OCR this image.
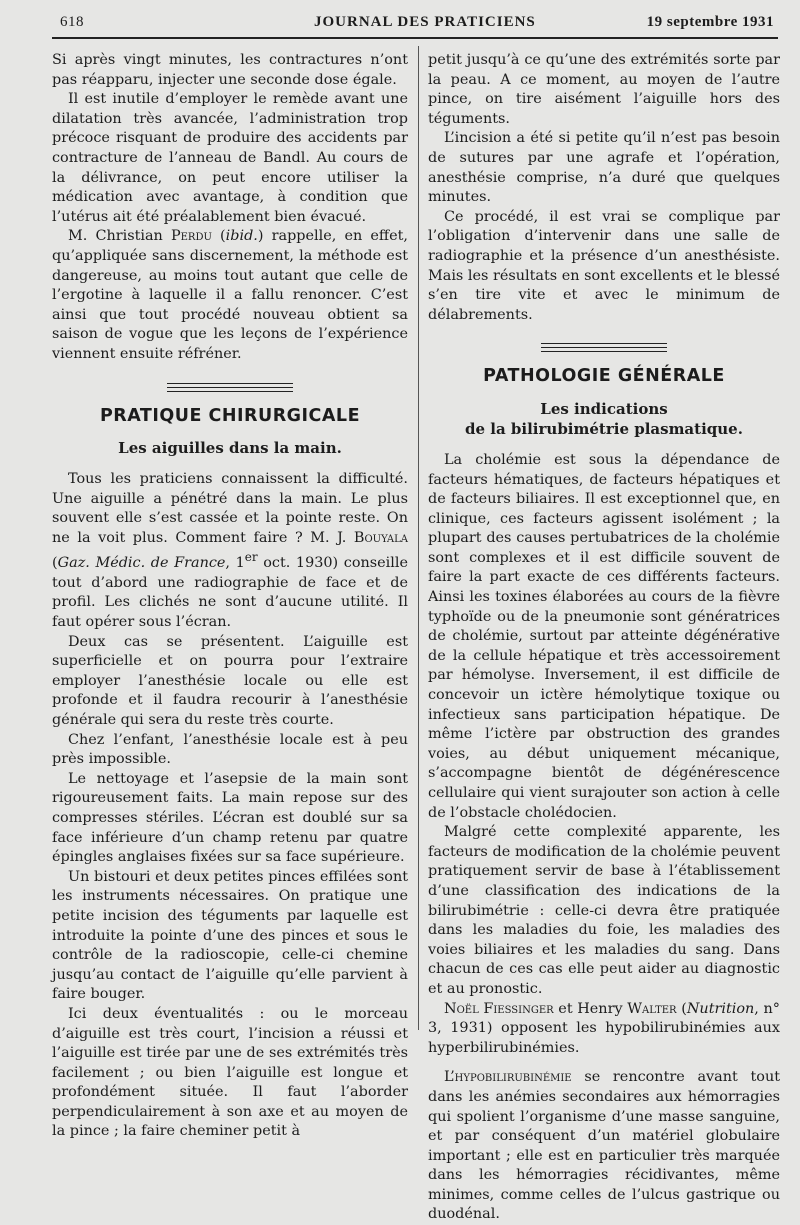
618	JOURNAL DES PRATICIENS	19 septembre 1931

Si après vingt minutes, les contractures n’ont pas réapparu, injecter une seconde dose égale.

Il est inutile d’employer le remède avant une dilatation très avancée, l’administration trop précoce risquant de produire des accidents par contracture de l’anneau de Bandl. Au cours de la délivrance, on peut encore utiliser la médication avec avantage, à condition que l’utérus ait été préalablement bien évacué.

M. Christian Perdu (ibid.) rappelle, en effet, qu’appliquée sans discernement, la méthode est dangereuse, au moins tout autant que celle de l’ergotine à laquelle il a fallu renoncer. C’est ainsi que tout procédé nouveau obtient sa saison de vogue que les leçons de l’expérience viennent ensuite réfréner.

PRATIQUE CHIRURGICALE

Les aiguilles dans la main.

Tous les praticiens connaissent la difficulté. Une aiguille a pénétré dans la main. Le plus souvent elle s’est cassée et la pointe reste. On ne la voit plus. Comment faire ? M. J. Bouyala (Gaz. Médic. de France, 1er oct. 1930) conseille tout d’abord une radiographie de face et de profil. Les clichés ne sont d’aucune utilité. Il faut opérer sous l’écran.

Deux cas se présentent. L’aiguille est superficielle et on pourra pour l’extraire employer l’anesthésie locale ou elle est profonde et il faudra recourir à l’anesthésie générale qui sera du reste très courte.

Chez l’enfant, l’anesthésie locale est à peu près impossible.

Le nettoyage et l’asepsie de la main sont rigoureusement faits. La main repose sur des compresses stériles. L’écran est doublé sur sa face inférieure d’un champ retenu par quatre épingles anglaises fixées sur sa face supérieure.

Un bistouri et deux petites pinces effilées sont les instruments nécessaires. On pratique une petite incision des téguments par laquelle est introduite la pointe d’une des pinces et sous le contrôle de la radioscopie, celle-ci chemine jusqu’au contact de l’aiguille qu’elle parvient à faire bouger.

Ici deux éventualités : ou le morceau d’aiguille est très court, l’incision a réussi et l’aiguille est tirée par une de ses extrémités très facilement ; ou bien l’aiguille est longue et profondément située. Il faut l’aborder perpendiculairement à son axe et au moyen de la pince ; la faire cheminer petit à

petit jusqu’à ce qu’une des extrémités sorte par la peau. A ce moment, au moyen de l’autre pince, on tire aisément l’aiguille hors des téguments.

L’incision a été si petite qu’il n’est pas besoin de sutures par une agrafe et l’opération, anesthésie comprise, n’a duré que quelques minutes.

Ce procédé, il est vrai se complique par l’obligation d’intervenir dans une salle de radiographie et la présence d’un anesthésiste. Mais les résultats en sont excellents et le blessé s’en tire vite et avec le minimum de délabrements.

PATHOLOGIE GÉNÉRALE

Les indications
de la bilirubimétrie plasmatique.

La cholémie est sous la dépendance de facteurs hématiques, de facteurs hépatiques et de facteurs biliaires. Il est exceptionnel que, en clinique, ces facteurs agissent isolément ; la plupart des causes pertubatrices de la cholémie sont complexes et il est difficile souvent de faire la part exacte de ces différents facteurs. Ainsi les toxines élaborées au cours de la fièvre typhoïde ou de la pneumonie sont génératrices de cholémie, surtout par atteinte dégénérative de la cellule hépatique et très accessoirement par hémolyse. Inversement, il est difficile de concevoir un ictère hémolytique toxique ou infectieux sans participation hépatique. De même l’ictère par obstruction des grandes voies, au début uniquement mécanique, s’accompagne bientôt de dégénérescence cellulaire qui vient surajouter son action à celle de l’obstacle cholédocien.

Malgré cette complexité apparente, les facteurs de modification de la cholémie peuvent pratiquement servir de base à l’établissement d’une classification des indications de la bilirubimétrie : celle-ci devra être pratiquée dans les maladies du foie, les maladies des voies biliaires et les maladies du sang. Dans chacun de ces cas elle peut aider au diagnostic et au pronostic.

Noël Fiessinger et Henry Walter (Nutrition, n° 3, 1931) opposent les hypobilirubinémies aux hyperbilirubinémies.

L’hypobilirubinémie se rencontre avant tout dans les anémies secondaires aux hémorragies qui spolient l’organisme d’une masse sanguine, et par conséquent d’un matériel globulaire important ; elle est en particulier très marquée dans les hémorragies récidivantes, même minimes, comme celles de l’ulcus gastrique ou duodénal.
